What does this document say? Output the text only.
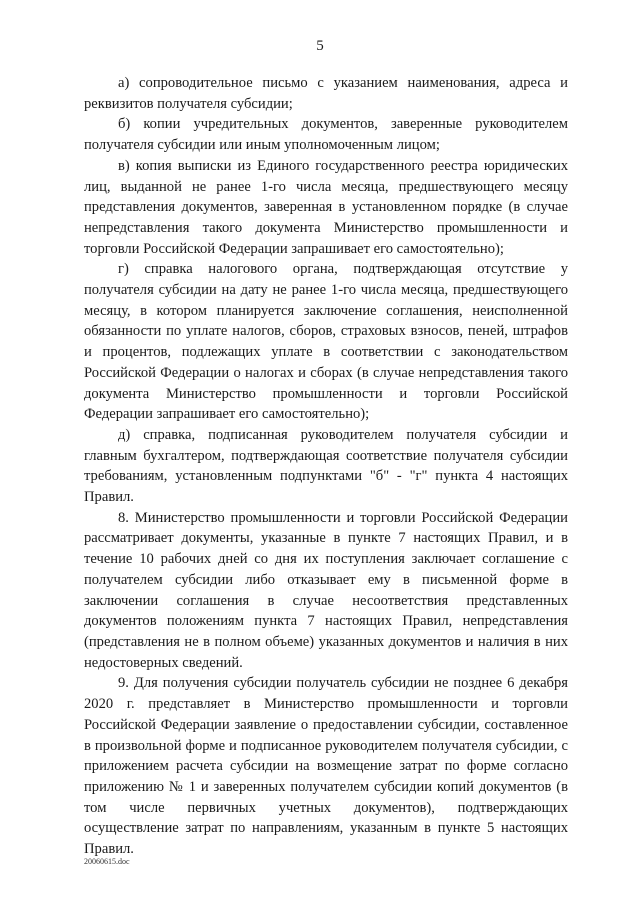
5

а) сопроводительное письмо с указанием наименования, адреса и реквизитов получателя субсидии;

б) копии учредительных документов, заверенные руководителем получателя субсидии или иным уполномоченным лицом;

в) копия выписки из Единого государственного реестра юридических лиц, выданной не ранее 1-го числа месяца, предшествующего месяцу представления документов, заверенная в установленном порядке (в случае непредставления такого документа Министерство промышленности и торговли Российской Федерации запрашивает его самостоятельно);

г) справка налогового органа, подтверждающая отсутствие у получателя субсидии на дату не ранее 1-го числа месяца, предшествующего месяцу, в котором планируется заключение соглашения, неисполненной обязанности по уплате налогов, сборов, страховых взносов, пеней, штрафов и процентов, подлежащих уплате в соответствии с законодательством Российской Федерации о налогах и сборах (в случае непредставления такого документа Министерство промышленности и торговли Российской Федерации запрашивает его самостоятельно);

д) справка, подписанная руководителем получателя субсидии и главным бухгалтером, подтверждающая соответствие получателя субсидии требованиям, установленным подпунктами "б" - "г" пункта 4 настоящих Правил.

8. Министерство промышленности и торговли Российской Федерации рассматривает документы, указанные в пункте 7 настоящих Правил, и в течение 10 рабочих дней со дня их поступления заключает соглашение с получателем субсидии либо отказывает ему в письменной форме в заключении соглашения в случае несоответствия представленных документов положениям пункта 7 настоящих Правил, непредставления (представления не в полном объеме) указанных документов и наличия в них недостоверных сведений.

9. Для получения субсидии получатель субсидии не позднее 6 декабря 2020 г. представляет в Министерство промышленности и торговли Российской Федерации заявление о предоставлении субсидии, составленное в произвольной форме и подписанное руководителем получателя субсидии, с приложением расчета субсидии на возмещение затрат по форме согласно приложению № 1 и заверенных получателем субсидии копий документов (в том числе первичных учетных документов), подтверждающих осуществление затрат по направлениям, указанным в пункте 5 настоящих Правил.

20060615.doc
